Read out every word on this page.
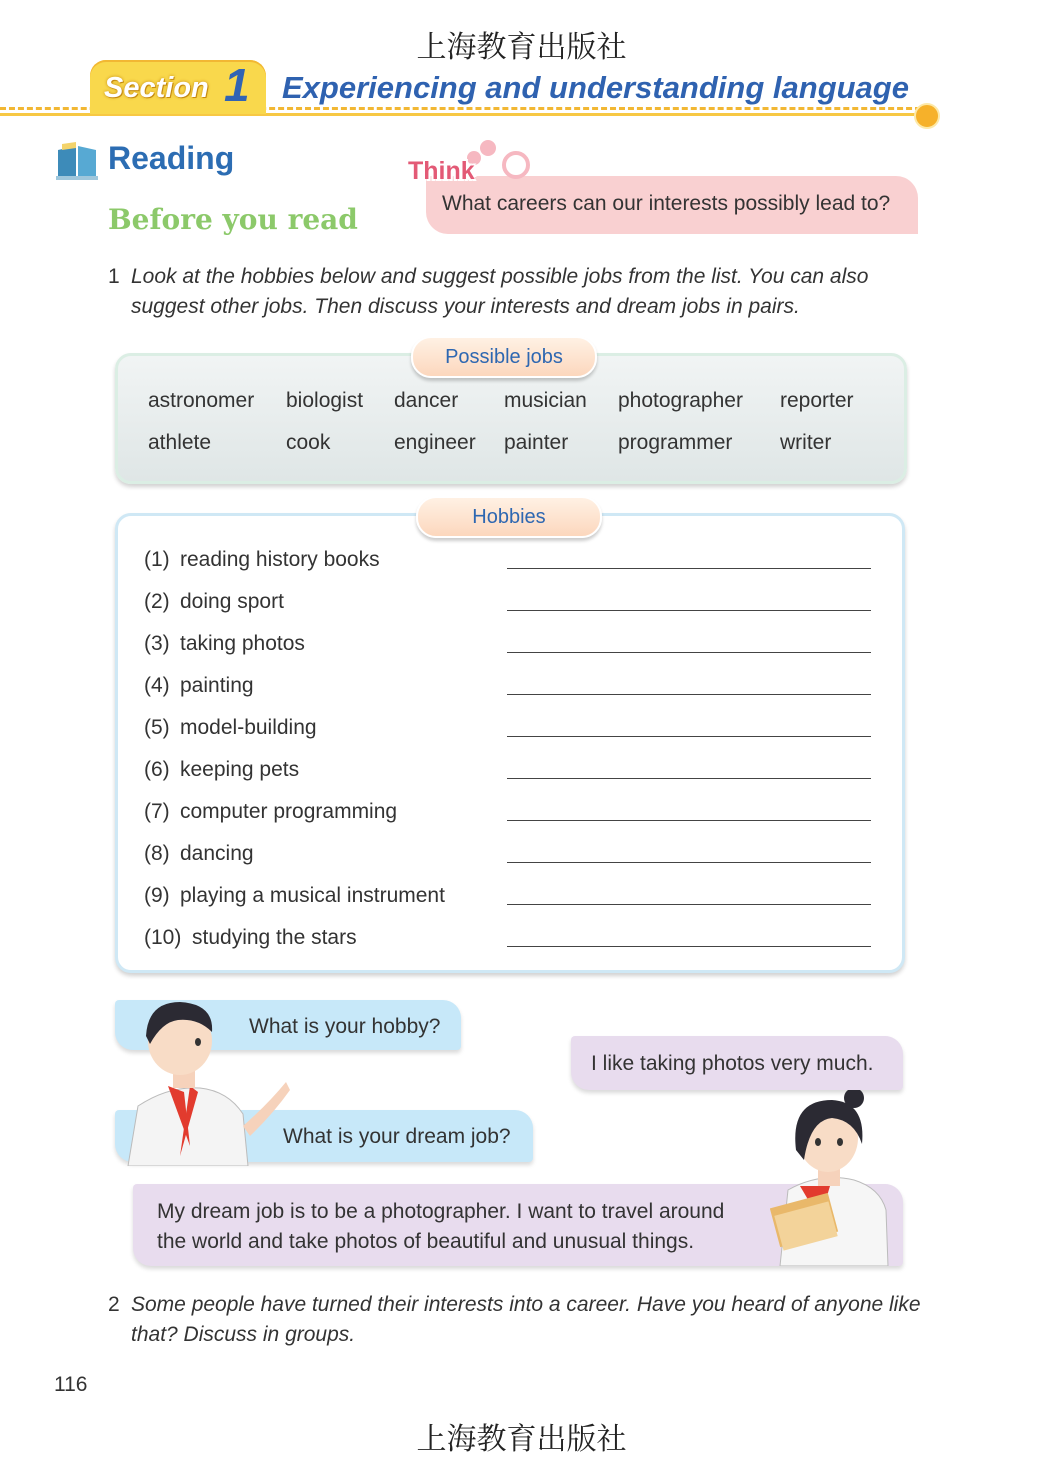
上海教育出版社
Section 1 Experiencing and understanding language
Reading
Before you read
Think
What careers can our interests possibly lead to?
1 Look at the hobbies below and suggest possible jobs from the list. You can also suggest other jobs. Then discuss your interests and dream jobs in pairs.
Possible jobs
astronomer biologist dancer musician photographer reporter
athlete	cook	engineer painter programmer writer
Hobbies
(1) reading history books
(2) doing sport
(3) taking photos
(4) painting
(5) model-building
(6) keeping pets
(7) computer programming
(8) dancing
(9) playing a musical instrument
(10) studying the stars
What is your hobby?
I like taking photos very much.
What is your dream job?
My dream job is to be a photographer. I want to travel around
the world and take photos of beautiful and unusual things.
2 Some people have turned their interests into a career. Have you heard of anyone like that? Discuss in groups.
116
上海教育出版社
